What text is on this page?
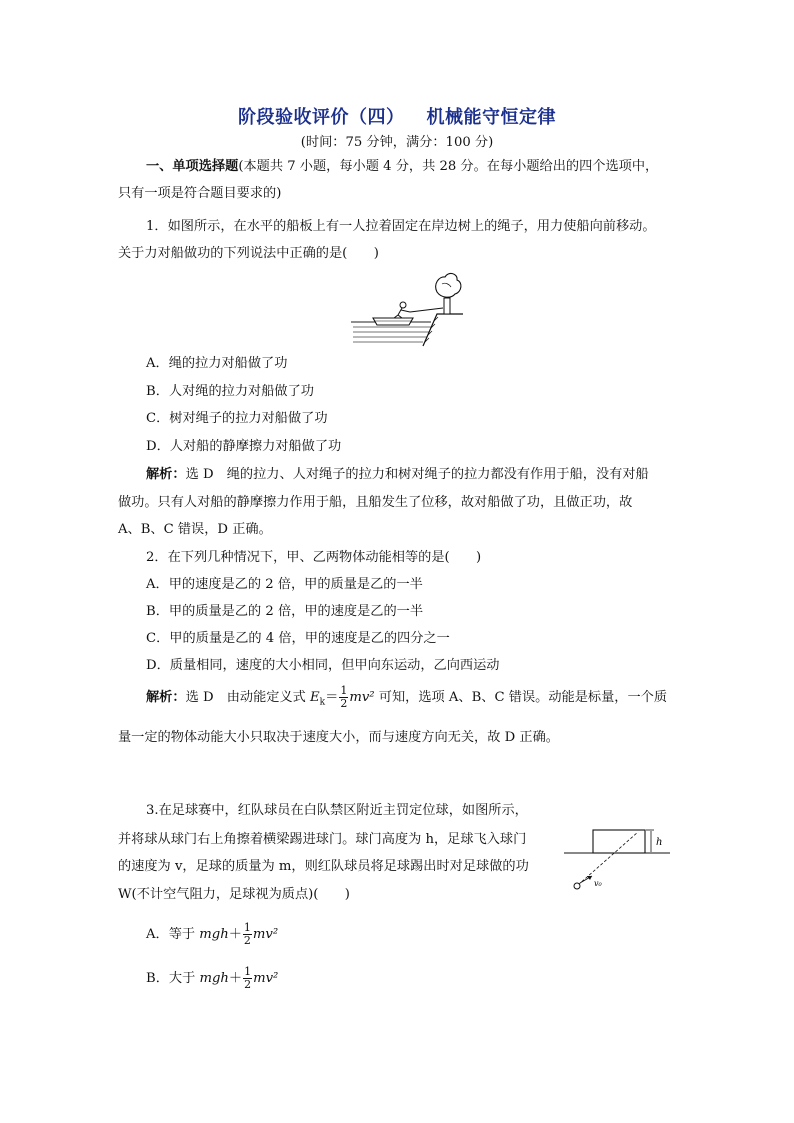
阶段验收评价（四） 机械能守恒定律
(时间：75 分钟，满分：100 分)
一、单项选择题(本题共 7 小题，每小题 4 分，共 28 分。在每小题给出的四个选项中，
只有一项是符合题目要求的)
1．如图所示，在水平的船板上有一人拉着固定在岸边树上的绳子，用力使船向前移动。
关于力对船做功的下列说法中正确的是(　　)
A．绳的拉力对船做了功
B．人对绳的拉力对船做了功
C．树对绳子的拉力对船做了功
D．人对船的静摩擦力对船做了功
解析：选 D　绳的拉力、人对绳子的拉力和树对绳子的拉力都没有作用于船，没有对船
做功。只有人对船的静摩擦力作用于船，且船发生了位移，故对船做了功，且做正功，故
A、B、C 错误，D 正确。
2．在下列几种情况下，甲、乙两物体动能相等的是(　　)
A．甲的速度是乙的 2 倍，甲的质量是乙的一半
B．甲的质量是乙的 2 倍，甲的速度是乙的一半
C．甲的质量是乙的 4 倍，甲的速度是乙的四分之一
D．质量相同，速度的大小相同，但甲向东运动，乙向西运动
解析：选 D　由动能定义式 $E_k= \frac{1}{2} mv^2$ 可知，选项 A、B、C 错误。动能是标量，一个质
量一定的物体动能大小只取决于速度大小，而与速度方向无关，故 D 正确。
3.在足球赛中，红队球员在白队禁区附近主罚定位球，如图所示，
并将球从球门右上角擦着横梁踢进球门。球门高度为 h，足球飞入球门
的速度为 v，足球的质量为 m，则红队球员将足球踢出时对足球做的功
W(不计空气阻力，足球视为质点)(　　)
h
v₀
A．等于 $mgh+ \frac{1}{2} mv^2$
B．大于 $mgh+ \frac{1}{2} mv^2$
